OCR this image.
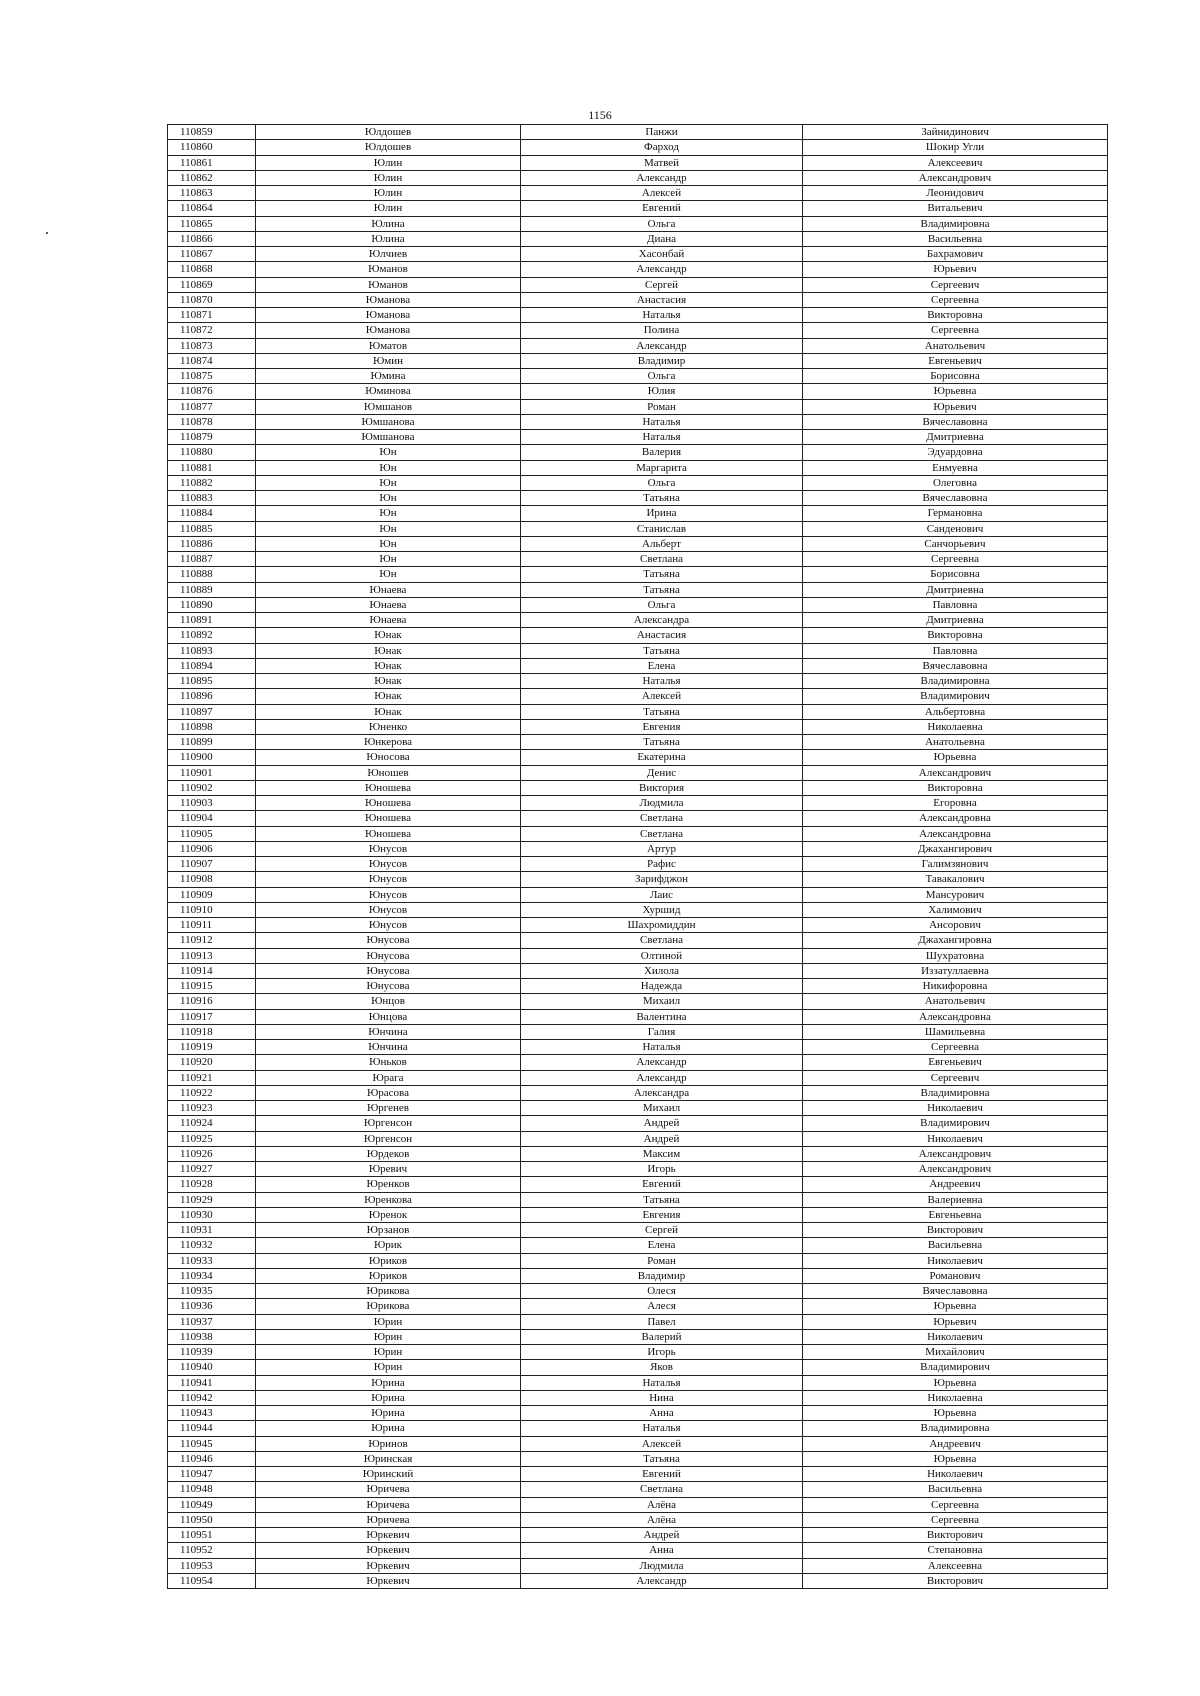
1156
110859	Юлдошев	Панжи	Зайнидинович
110860	Юлдошев	Фарход	Шокир Угли
110861	Юлин	Матвей	Алексеевич
110862	Юлин	Александр	Александрович
110863	Юлин	Алексей	Леонидович
110864	Юлин	Евгений	Витальевич
110865	Юлина	Ольга	Владимировна
110866	Юлина	Диана	Васильевна
110867	Юлчиев	Хасонбай	Бахрамович
110868	Юманов	Александр	Юрьевич
110869	Юманов	Сергей	Сергеевич
110870	Юманова	Анастасия	Сергеевна
110871	Юманова	Наталья	Викторовна
110872	Юманова	Полина	Сергеевна
110873	Юматов	Александр	Анатольевич
110874	Юмин	Владимир	Евгеньевич
110875	Юмина	Ольга	Борисовна
110876	Юминова	Юлия	Юрьевна
110877	Юмшанов	Роман	Юрьевич
110878	Юмшанова	Наталья	Вячеславовна
110879	Юмшанова	Наталья	Дмитриевна
110880	Юн	Валерия	Эдуардовна
110881	Юн	Маргарита	Енмуевна
110882	Юн	Ольга	Олеговна
110883	Юн	Татьяна	Вячеславовна
110884	Юн	Ирина	Германовна
110885	Юн	Станислав	Санденович
110886	Юн	Альберт	Санчорьевич
110887	Юн	Светлана	Сергеевна
110888	Юн	Татьяна	Борисовна
110889	Юнаева	Татьяна	Дмитриевна
110890	Юнаева	Ольга	Павловна
110891	Юнаева	Александра	Дмитриевна
110892	Юнак	Анастасия	Викторовна
110893	Юнак	Татьяна	Павловна
110894	Юнак	Елена	Вячеславовна
110895	Юнак	Наталья	Владимировна
110896	Юнак	Алексей	Владимирович
110897	Юнак	Татьяна	Альбертовна
110898	Юненко	Евгения	Николаевна
110899	Юнкерова	Татьяна	Анатольевна
110900	Юносова	Екатерина	Юрьевна
110901	Юношев	Денис	Александрович
110902	Юношева	Виктория	Викторовна
110903	Юношева	Людмила	Егоровна
110904	Юношева	Светлана	Александровна
110905	Юношева	Светлана	Александровна
110906	Юнусов	Артур	Джахангирович
110907	Юнусов	Рафис	Галимзянович
110908	Юнусов	Зарифджон	Тавакалович
110909	Юнусов	Лаис	Мансурович
110910	Юнусов	Хуршид	Халимович
110911	Юнусов	Шахромиддин	Ансорович
110912	Юнусова	Светлана	Джахангировна
110913	Юнусова	Олтиной	Шухратовна
110914	Юнусова	Хилола	Иззатуллаевна
110915	Юнусова	Надежда	Никифоровна
110916	Юнцов	Михаил	Анатольевич
110917	Юнцова	Валентина	Александровна
110918	Юнчина	Галия	Шамильевна
110919	Юнчина	Наталья	Сергеевна
110920	Юньков	Александр	Евгеньевич
110921	Юрага	Александр	Сергеевич
110922	Юрасова	Александра	Владимировна
110923	Юргенев	Михаил	Николаевич
110924	Юргенсон	Андрей	Владимирович
110925	Юргенсон	Андрей	Николаевич
110926	Юрдеков	Максим	Александрович
110927	Юревич	Игорь	Александрович
110928	Юренков	Евгений	Андреевич
110929	Юренкова	Татьяна	Валериевна
110930	Юренок	Евгения	Евгеньевна
110931	Юрзанов	Сергей	Викторович
110932	Юрик	Елена	Васильевна
110933	Юриков	Роман	Николаевич
110934	Юриков	Владимир	Романович
110935	Юрикова	Олеся	Вячеславовна
110936	Юрикова	Алеся	Юрьевна
110937	Юрин	Павел	Юрьевич
110938	Юрин	Валерий	Николаевич
110939	Юрин	Игорь	Михайлович
110940	Юрин	Яков	Владимирович
110941	Юрина	Наталья	Юрьевна
110942	Юрина	Нина	Николаевна
110943	Юрина	Анна	Юрьевна
110944	Юрина	Наталья	Владимировна
110945	Юринов	Алексей	Андреевич
110946	Юринская	Татьяна	Юрьевна
110947	Юринский	Евгений	Николаевич
110948	Юричева	Светлана	Васильевна
110949	Юричева	Алёна	Сергеевна
110950	Юричева	Алёна	Сергеевна
110951	Юркевич	Андрей	Викторович
110952	Юркевич	Анна	Степановна
110953	Юркевич	Людмила	Алексеевна
110954	Юркевич	Александр	Викторович
